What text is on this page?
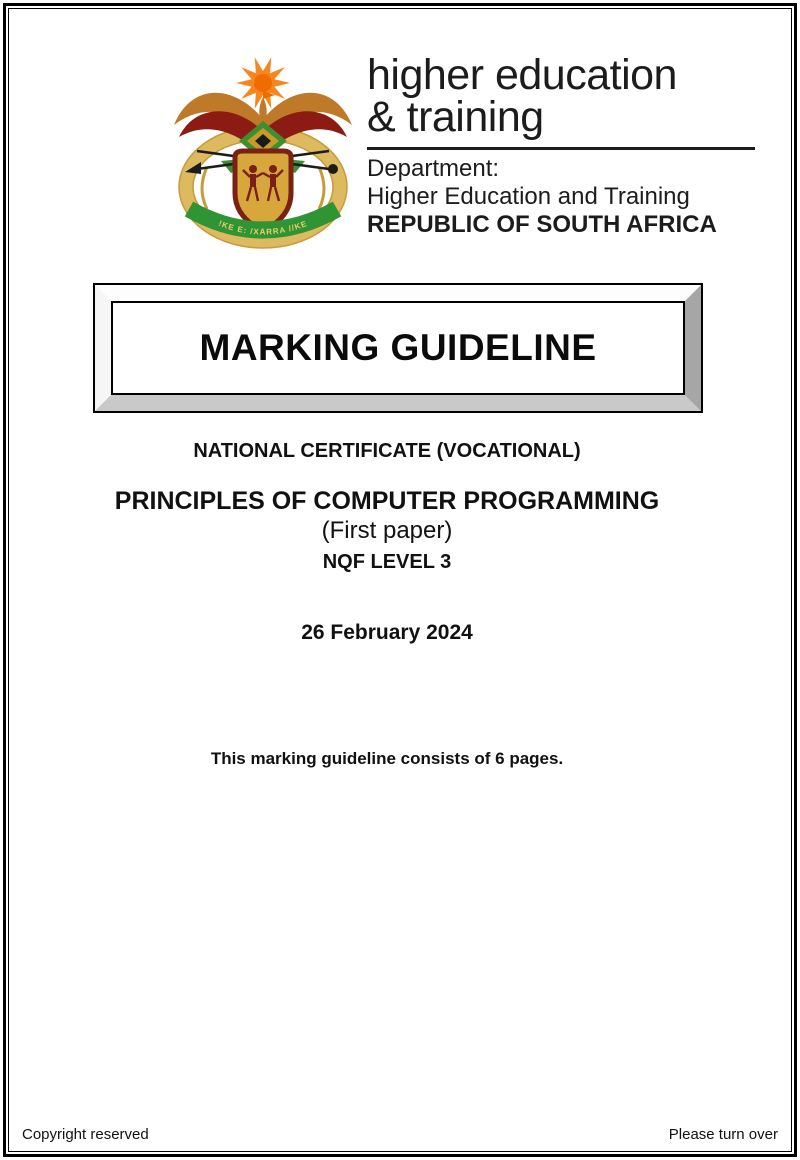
!KE E: /XARRA //KE
higher education
& training
Department:
Higher Education and Training
REPUBLIC OF SOUTH AFRICA
MARKING GUIDELINE
NATIONAL CERTIFICATE (VOCATIONAL)
PRINCIPLES OF COMPUTER PROGRAMMING
(First paper)
NQF LEVEL 3
26 February 2024
This marking guideline consists of 6 pages.
Copyright reserved	Please turn over
